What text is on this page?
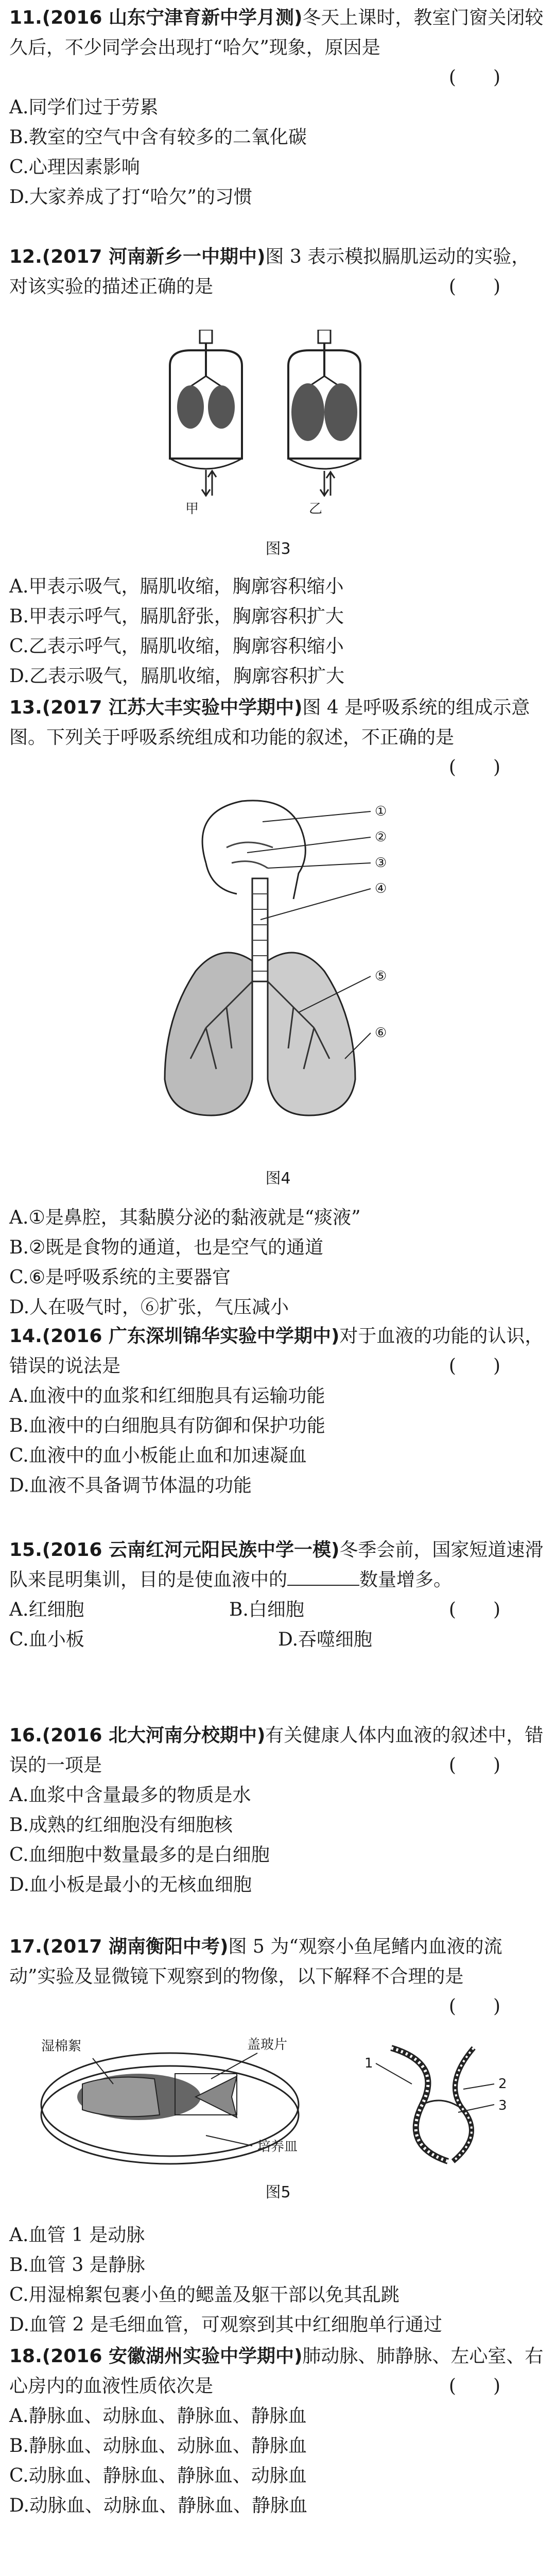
11.(2016 山东宁津育新中学月测)冬天上课时，教室门窗关闭较久后，不少同学会出现打“哈欠”现象，原因是

(　　)

A.同学们过于劳累

B.教室的空气中含有较多的二氧化碳

C.心理因素影响

D.大家养成了打“哈欠”的习惯

12.(2017 河南新乡一中期中)图 3 表示模拟膈肌运动的实验，对该实验的描述正确的是	(　　)

甲	乙
图3

A.甲表示吸气，膈肌收缩，胸廓容积缩小

B.甲表示呼气，膈肌舒张，胸廓容积扩大

C.乙表示呼气，膈肌收缩，胸廓容积缩小

D.乙表示吸气，膈肌收缩，胸廓容积扩大

13.(2017 江苏大丰实验中学期中)图 4 是呼吸系统的组成示意图。下列关于呼吸系统组成和功能的叙述，不正确的是
(　　)

①
②
③
④
⑤
⑥
图4

A.①是鼻腔，其黏膜分泌的黏液就是“痰液”

B.②既是食物的通道，也是空气的通道

C.⑥是呼吸系统的主要器官

D.人在吸气时，⑥扩张，气压减小

14.(2016 广东深圳锦华实验中学期中)对于血液的功能的认识，错误的说法是	(　　)

A.血液中的血浆和红细胞具有运输功能

B.血液中的白细胞具有防御和保护功能

C.血液中的血小板能止血和加速凝血

D.血液不具备调节体温的功能

15.(2016 云南红河元阳民族中学一模)冬季会前，国家短道速滑队来昆明集训，目的是使血液中的	数量增多。
(　　)

A.红细胞	B.白细胞

C.血小板	D.吞噬细胞

16.(2016 北大河南分校期中)有关健康人体内血液的叙述中，错误的一项是	(　　)

A.血浆中含量最多的物质是水

B.成熟的红细胞没有细胞核

C.血细胞中数量最多的是白细胞

D.血小板是最小的无核血细胞

17.(2017 湖南衡阳中考)图 5 为“观察小鱼尾鳍内血液的流动”实验及显微镜下观察到的物像，以下解释不合理的是
(　　)

湿棉絮	盖玻片
培养皿
1
2
3
图5

A.血管 1 是动脉

B.血管 3 是静脉

C.用湿棉絮包裹小鱼的鳃盖及躯干部以免其乱跳

D.血管 2 是毛细血管，可观察到其中红细胞单行通过

18.(2016 安徽湖州实验中学期中)肺动脉、肺静脉、左心室、右心房内的血液性质依次是	(　　)

A.静脉血、动脉血、静脉血、静脉血

B.静脉血、动脉血、动脉血、静脉血

C.动脉血、静脉血、静脉血、动脉血

D.动脉血、动脉血、静脉血、静脉血
